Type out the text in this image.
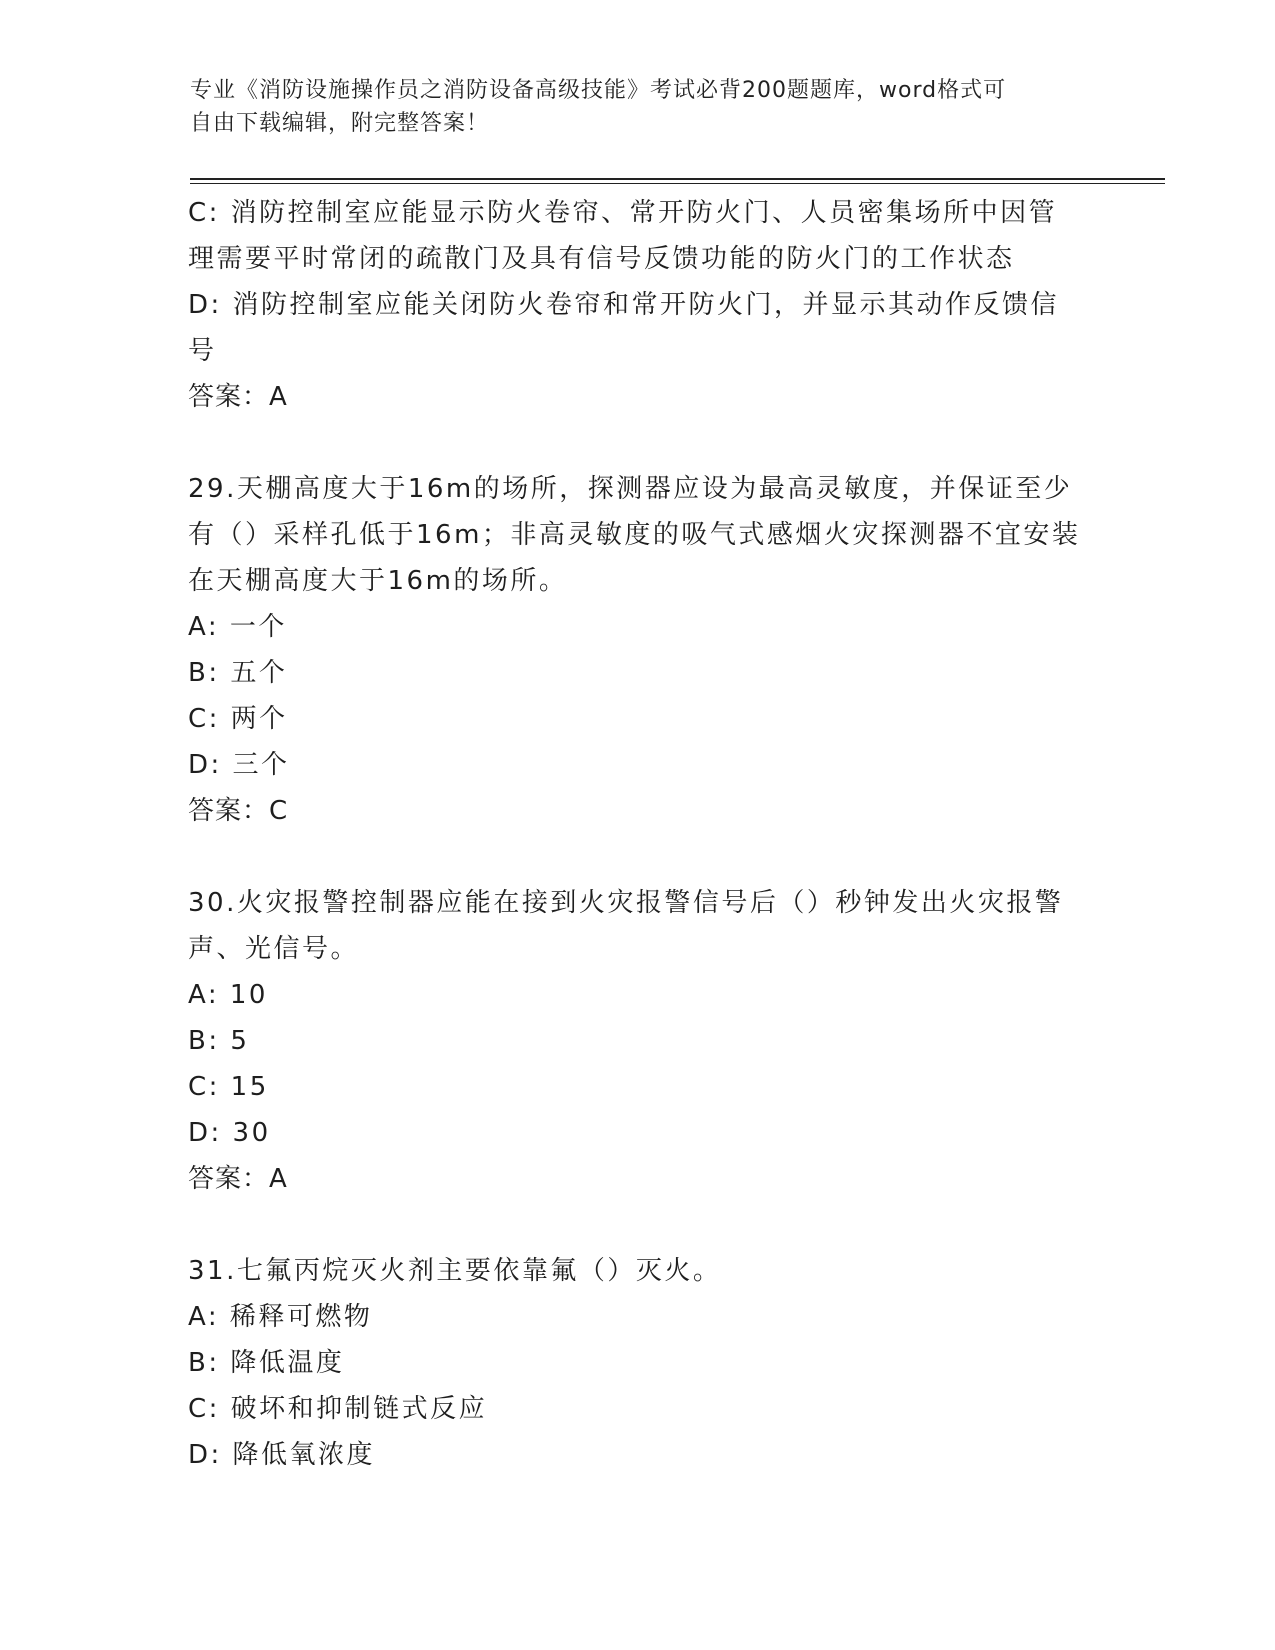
专业《消防设施操作员之消防设备高级技能》考试必背200题题库，word格式可
自由下载编辑，附完整答案！
C: 消防控制室应能显示防火卷帘、常开防火门、人员密集场所中因管
理需要平时常闭的疏散门及具有信号反馈功能的防火门的工作状态
D: 消防控制室应能关闭防火卷帘和常开防火门，并显示其动作反馈信
号
答案：A
29.天棚高度大于16m的场所，探测器应设为最高灵敏度，并保证至少
有（）采样孔低于16m；非高灵敏度的吸气式感烟火灾探测器不宜安装
在天棚高度大于16m的场所。
A: 一个
B: 五个
C: 两个
D: 三个
答案：C
30.火灾报警控制器应能在接到火灾报警信号后（）秒钟发出火灾报警
声、光信号。
A: 10
B: 5
C: 15
D: 30
答案：A
31.七氟丙烷灭火剂主要依靠氟（）灭火。
A: 稀释可燃物
B: 降低温度
C: 破坏和抑制链式反应
D: 降低氧浓度
